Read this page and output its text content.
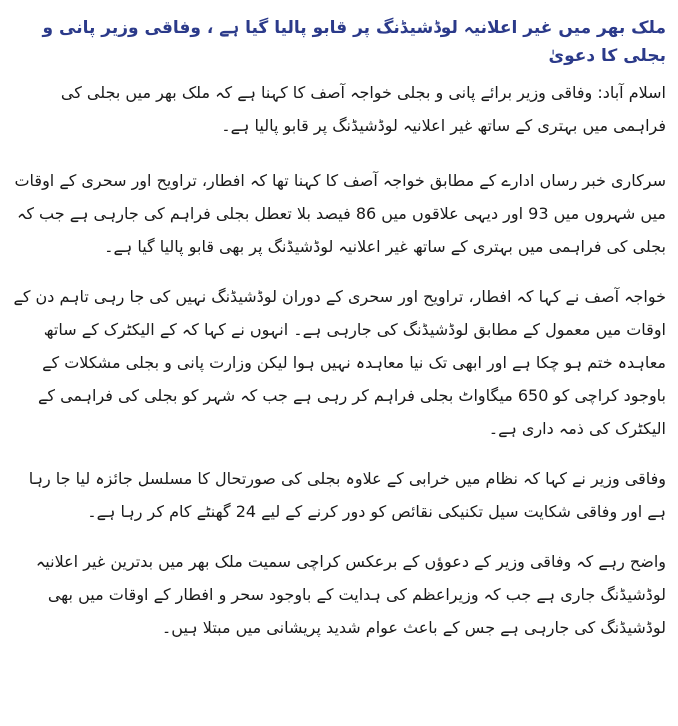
ملک بھر میں غیر اعلانیہ لوڈشیڈنگ پر قابو پالیا گیا ہے ، وفاقی وزیر پانی و بجلی کا دعویٰ

اسلام آباد: وفاقی وزیر برائے پانی و بجلی خواجہ آصف کا کہنا ہے کہ ملک بھر میں بجلی کی فراہمی میں بہتری کے ساتھ غیر اعلانیہ لوڈشیڈنگ پر قابو پالیا ہے۔

سرکاری خبر رساں ادارے کے مطابق خواجہ آصف کا کہنا تھا کہ افطار، تراویح اور سحری کے اوقات میں شہروں میں 93 اور دیہی علاقوں میں 86 فیصد بلا تعطل بجلی فراہم کی جارہی ہے جب کہ بجلی کی فراہمی میں بہتری کے ساتھ غیر اعلانیہ لوڈشیڈنگ پر بھی قابو پالیا گیا ہے۔

خواجہ آصف نے کہا کہ افطار، تراویح اور سحری کے دوران لوڈشیڈنگ نہیں کی جا رہی تاہم دن کے اوقات میں معمول کے مطابق لوڈشیڈنگ کی جارہی ہے۔ انہوں نے کہا کہ کے الیکٹرک کے ساتھ معاہدہ ختم ہو چکا ہے اور ابھی تک نیا معاہدہ نہیں ہوا لیکن وزارت پانی و بجلی مشکلات کے باوجود کراچی کو 650 میگاواٹ بجلی فراہم کر رہی ہے جب کہ شہر کو بجلی کی فراہمی کے الیکٹرک کی ذمہ داری ہے۔

وفاقی وزیر نے کہا کہ نظام میں خرابی کے علاوہ بجلی کی صورتحال کا مسلسل جائزہ لیا جا رہا ہے اور وفاقی شکایت سیل تکنیکی نقائص کو دور کرنے کے لیے 24 گھنٹے کام کر رہا ہے۔

واضح رہے کہ وفاقی وزیر کے دعوؤں کے برعکس کراچی سمیت ملک بھر میں بدترین غیر اعلانیہ لوڈشیڈنگ جاری ہے جب کہ وزیراعظم کی ہدایت کے باوجود سحر و افطار کے اوقات میں بھی لوڈشیڈنگ کی جارہی ہے جس کے باعث عوام شدید پریشانی میں مبتلا ہیں۔
